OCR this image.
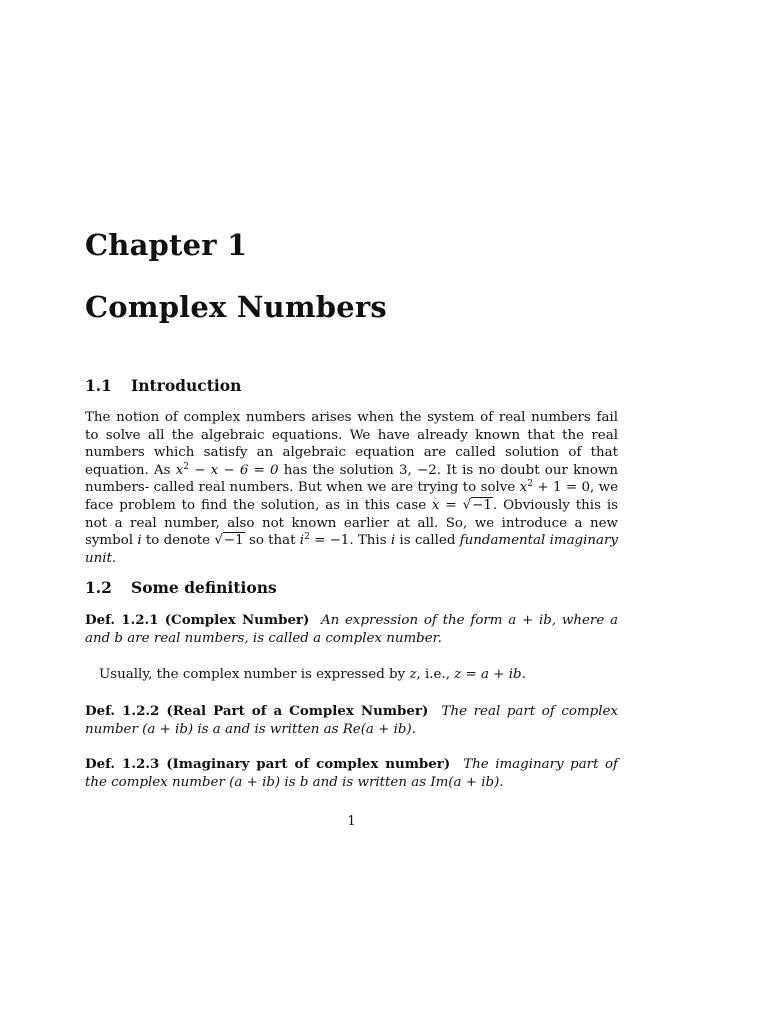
Chapter 1
Complex Numbers
1.1 Introduction

The notion of complex numbers arises when the system of real numbers fail to solve all the algebraic equations. We have already known that the real numbers which satisfy an algebraic equation are called solution of that equation. As $x^2 - x - 6 = 0$ has the solution 3, −2. It is no doubt our known numbers- called real numbers. But when we are trying to solve $x^2 + 1 = 0$, we face problem to find the solution, as in this case x = √−1. Obviously this is not a real number, also not known earlier at all. So, we introduce a new symbol i to denote √−1 so that $i^2 = -1$. This i is called fundamental imaginary unit.

1.2 Some definitions

Def. 1.2.1 (Complex Number) An expression of the form a + ib, where a and b are real numbers, is called a complex number.

Usually, the complex number is expressed by z, i.e., z = a + ib.

Def. 1.2.2 (Real Part of a Complex Number) The real part of complex number (a + ib) is a and is written as Re(a + ib).

Def. 1.2.3 (Imaginary part of complex number) The imaginary part of the complex number (a + ib) is b and is written as Im(a + ib).

1
